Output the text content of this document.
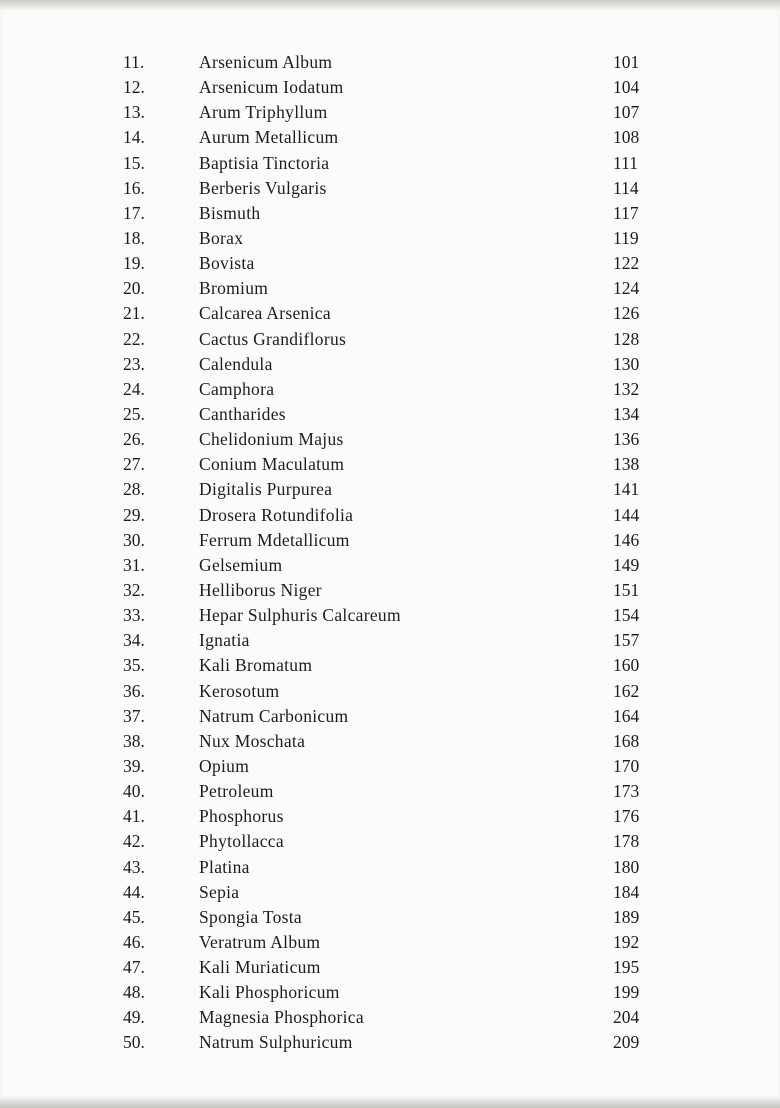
11.	Arsenicum Album	101
12.	Arsenicum Iodatum	104
13.	Arum Triphyllum	107
14.	Aurum Metallicum	108
15.	Baptisia Tinctoria	111
16.	Berberis Vulgaris	114
17.	Bismuth	117
18.	Borax	119
19.	Bovista	122
20.	Bromium	124
21.	Calcarea Arsenica	126
22.	Cactus Grandiflorus	128
23.	Calendula	130
24.	Camphora	132
25.	Cantharides	134
26.	Chelidonium Majus	136
27.	Conium Maculatum	138
28.	Digitalis Purpurea	141
29.	Drosera Rotundifolia	144
30.	Ferrum Mdetallicum	146
31.	Gelsemium	149
32.	Helliborus Niger	151
33.	Hepar Sulphuris Calcareum	154
34.	Ignatia	157
35.	Kali Bromatum	160
36.	Kerosotum	162
37.	Natrum Carbonicum	164
38.	Nux Moschata	168
39.	Opium	170
40.	Petroleum	173
41.	Phosphorus	176
42.	Phytollacca	178
43.	Platina	180
44.	Sepia	184
45.	Spongia Tosta	189
46.	Veratrum Album	192
47.	Kali Muriaticum	195
48.	Kali Phosphoricum	199
49.	Magnesia Phosphorica	204
50.	Natrum Sulphuricum	209
